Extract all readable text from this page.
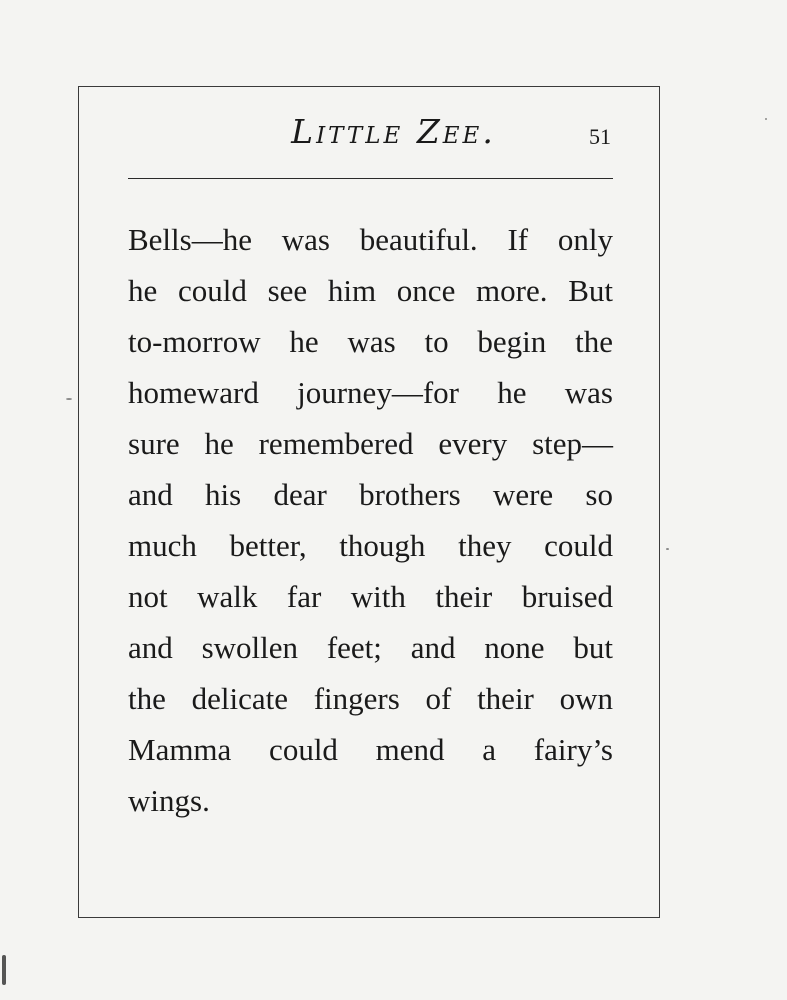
Little Zee.	51
Bells—he was beautiful. If only
he could see him once more. But
to-morrow he was to begin the
homeward journey—for he was
sure he remembered every step—
and his dear brothers were so
much better, though they could
not walk far with their bruised
and swollen feet; and none but
the delicate fingers of their own
Mamma could mend a fairy’s
wings.
